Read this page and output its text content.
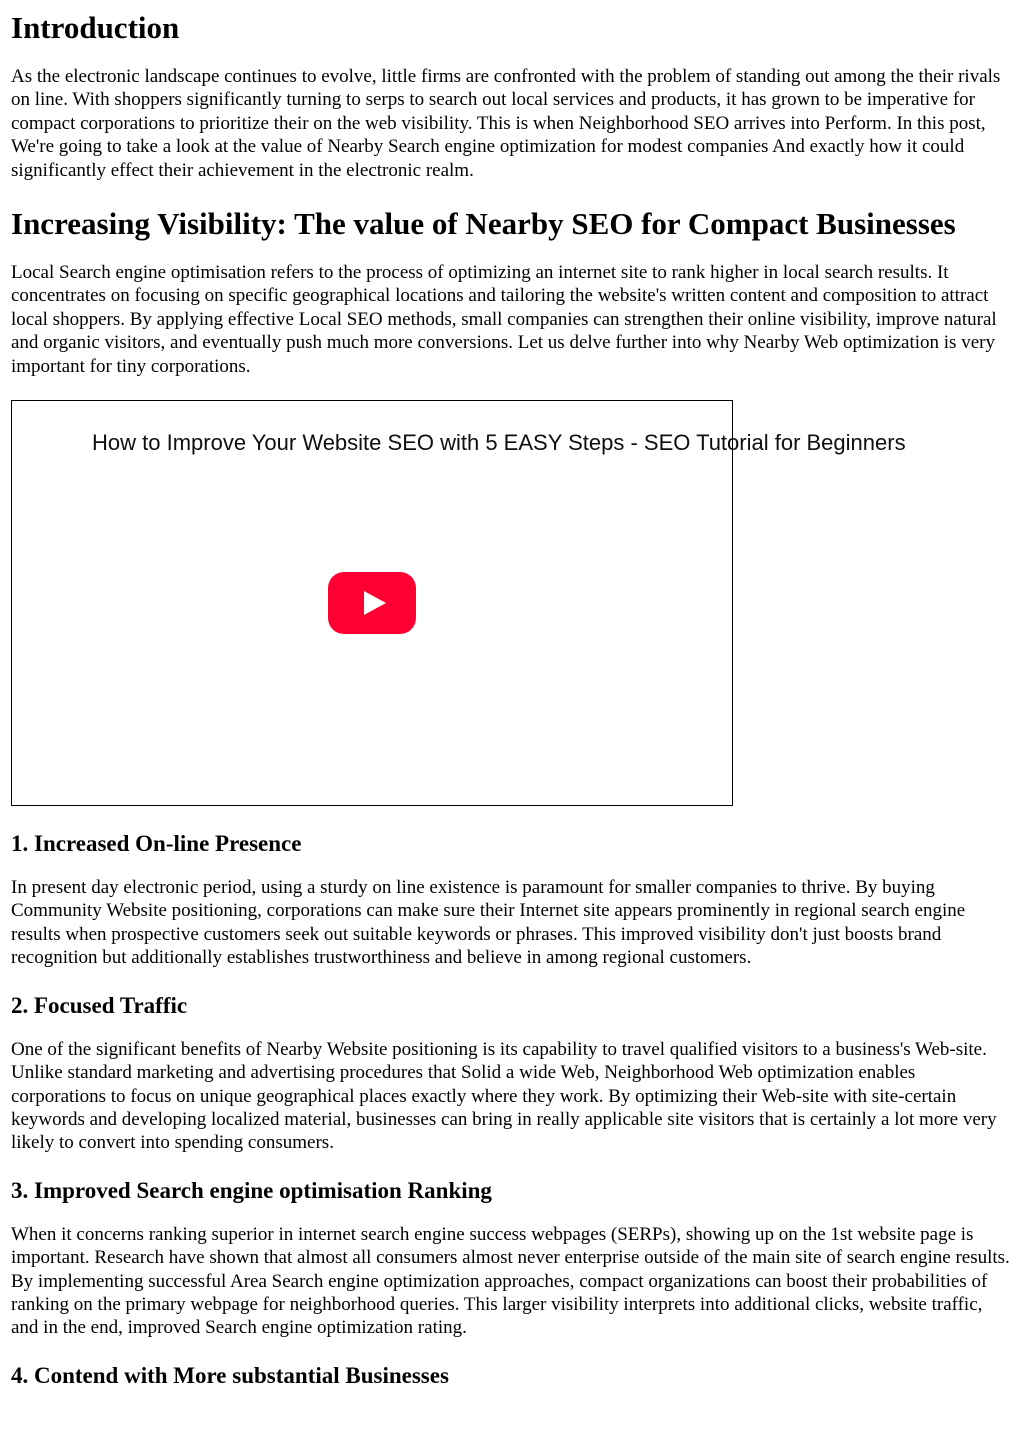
Introduction

As the electronic landscape continues to evolve, little firms are confronted with the problem of standing out among the their rivals on line. With shoppers significantly turning to serps to search out local services and products, it has grown to be imperative for compact corporations to prioritize their on the web visibility. This is when Neighborhood SEO arrives into Perform. In this post, We're going to take a look at the value of Nearby Search engine optimization for modest companies And exactly how it could significantly effect their achievement in the electronic realm.

Increasing Visibility: The value of Nearby SEO for Compact Businesses

Local Search engine optimisation refers to the process of optimizing an internet site to rank higher in local search results. It concentrates on focusing on specific geographical locations and tailoring the website's written content and composition to attract local shoppers. By applying effective Local SEO methods, small companies can strengthen their online visibility, improve natural and organic visitors, and eventually push much more conversions. Let us delve further into why Nearby Web optimization is very important for tiny corporations.

How to Improve Your Website SEO with 5 EASY Steps - SEO Tutorial for Beginners
1. Increased On-line Presence

In present day electronic period, using a sturdy on line existence is paramount for smaller companies to thrive. By buying Community Website positioning, corporations can make sure their Internet site appears prominently in regional search engine results when prospective customers seek out suitable keywords or phrases. This improved visibility don't just boosts brand recognition but additionally establishes trustworthiness and believe in among regional customers.

2. Focused Traffic

One of the significant benefits of Nearby Website positioning is its capability to travel qualified visitors to a business's Web-site. Unlike standard marketing and advertising procedures that Solid a wide Web, Neighborhood Web optimization enables corporations to focus on unique geographical places exactly where they work. By optimizing their Web-site with site-certain keywords and developing localized material, businesses can bring in really applicable site visitors that is certainly a lot more very likely to convert into spending consumers.

3. Improved Search engine optimisation Ranking

When it concerns ranking superior in internet search engine success webpages (SERPs), showing up on the 1st website page is important. Research have shown that almost all consumers almost never enterprise outside of the main site of search engine results. By implementing successful Area Search engine optimization approaches, compact organizations can boost their probabilities of ranking on the primary webpage for neighborhood queries. This larger visibility interprets into additional clicks, website traffic, and in the end, improved Search engine optimization rating.

4. Contend with More substantial Businesses
